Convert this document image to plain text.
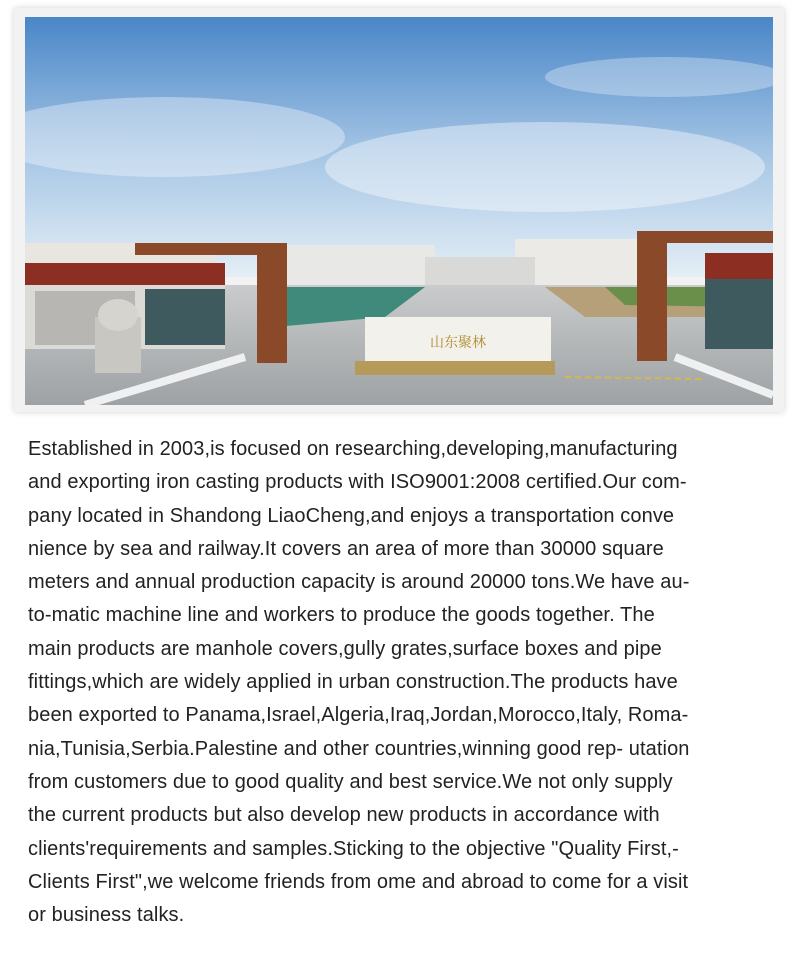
山东聚林

Established in 2003,is focused on researching,developing,manufacturing
and exporting iron casting products with ISO9001:2008 certified.Our com-
pany located in Shandong LiaoCheng,and enjoys a transportation conve
nience by sea and railway.It covers an area of more than 30000 square
meters and annual production capacity is around 20000 tons.We have au-
to-matic machine line and workers to produce the goods together. The
main products are manhole covers,gully grates,surface boxes and pipe
fittings,which are widely applied in urban construction.The products have
been exported to Panama,Israel,Algeria,Iraq,Jordan,Morocco,Italy, Roma-
nia,Tunisia,Serbia.Palestine and other countries,winning good rep- utation
from customers due to good quality and best service.We not only supply
the current products but also develop new products in accordance with
clients'requirements and samples.Sticking to the objective "Quality First,-
Clients First",we welcome friends from ome and abroad to come for a visit
or business talks.
